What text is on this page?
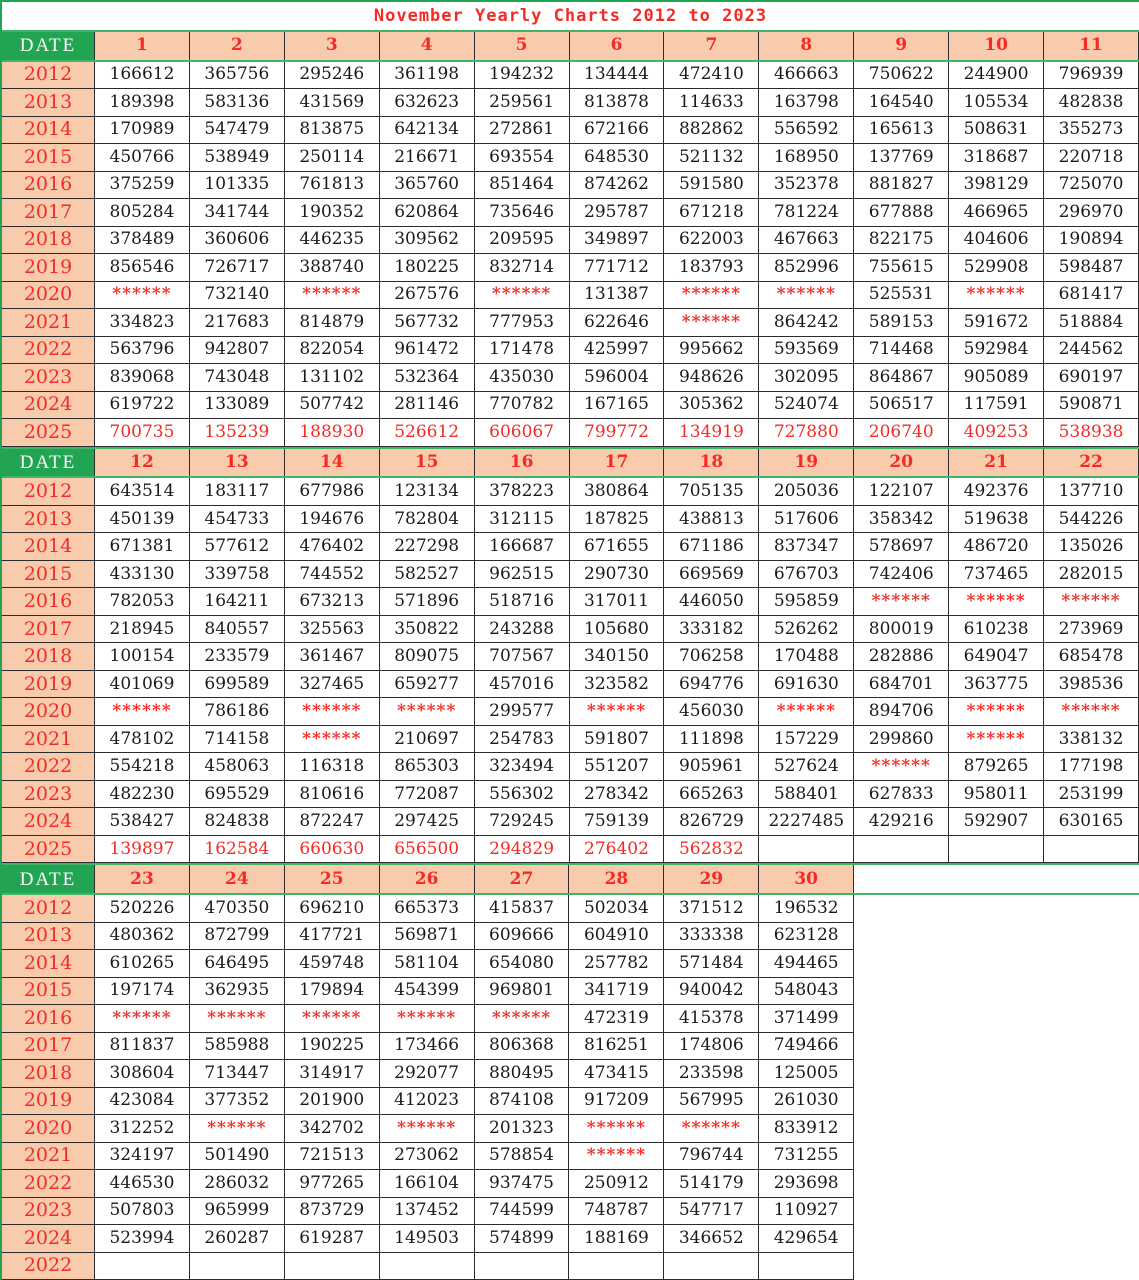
November Yearly Charts 2012 to 2023
DATE	1	2	3	4	5	6	7	8	9	10	11
2012	166612	365756	295246	361198	194232	134444	472410	466663	750622	244900	796939
2013	189398	583136	431569	632623	259561	813878	114633	163798	164540	105534	482838
2014	170989	547479	813875	642134	272861	672166	882862	556592	165613	508631	355273
2015	450766	538949	250114	216671	693554	648530	521132	168950	137769	318687	220718
2016	375259	101335	761813	365760	851464	874262	591580	352378	881827	398129	725070
2017	805284	341744	190352	620864	735646	295787	671218	781224	677888	466965	296970
2018	378489	360606	446235	309562	209595	349897	622003	467663	822175	404606	190894
2019	856546	726717	388740	180225	832714	771712	183793	852996	755615	529908	598487
2020	******	732140	******	267576	******	131387	******	******	525531	******	681417
2021	334823	217683	814879	567732	777953	622646	******	864242	589153	591672	518884
2022	563796	942807	822054	961472	171478	425997	995662	593569	714468	592984	244562
2023	839068	743048	131102	532364	435030	596004	948626	302095	864867	905089	690197
2024	619722	133089	507742	281146	770782	167165	305362	524074	506517	117591	590871
2025	700735	135239	188930	526612	606067	799772	134919	727880	206740	409253	538938
DATE	12	13	14	15	16	17	18	19	20	21	22
2012	643514	183117	677986	123134	378223	380864	705135	205036	122107	492376	137710
2013	450139	454733	194676	782804	312115	187825	438813	517606	358342	519638	544226
2014	671381	577612	476402	227298	166687	671655	671186	837347	578697	486720	135026
2015	433130	339758	744552	582527	962515	290730	669569	676703	742406	737465	282015
2016	782053	164211	673213	571896	518716	317011	446050	595859	******	******	******
2017	218945	840557	325563	350822	243288	105680	333182	526262	800019	610238	273969
2018	100154	233579	361467	809075	707567	340150	706258	170488	282886	649047	685478
2019	401069	699589	327465	659277	457016	323582	694776	691630	684701	363775	398536
2020	******	786186	******	******	299577	******	456030	******	894706	******	******
2021	478102	714158	******	210697	254783	591807	111898	157229	299860	******	338132
2022	554218	458063	116318	865303	323494	551207	905961	527624	******	879265	177198
2023	482230	695529	810616	772087	556302	278342	665263	588401	627833	958011	253199
2024	538427	824838	872247	297425	729245	759139	826729	2227485	429216	592907	630165
2025	139897	162584	660630	656500	294829	276402	562832
DATE	23	24	25	26	27	28	29	30
2012	520226	470350	696210	665373	415837	502034	371512	196532
2013	480362	872799	417721	569871	609666	604910	333338	623128
2014	610265	646495	459748	581104	654080	257782	571484	494465
2015	197174	362935	179894	454399	969801	341719	940042	548043
2016	******	******	******	******	******	472319	415378	371499
2017	811837	585988	190225	173466	806368	816251	174806	749466
2018	308604	713447	314917	292077	880495	473415	233598	125005
2019	423084	377352	201900	412023	874108	917209	567995	261030
2020	312252	******	342702	******	201323	******	******	833912
2021	324197	501490	721513	273062	578854	******	796744	731255
2022	446530	286032	977265	166104	937475	250912	514179	293698
2023	507803	965999	873729	137452	744599	748787	547717	110927
2024	523994	260287	619287	149503	574899	188169	346652	429654
2022
